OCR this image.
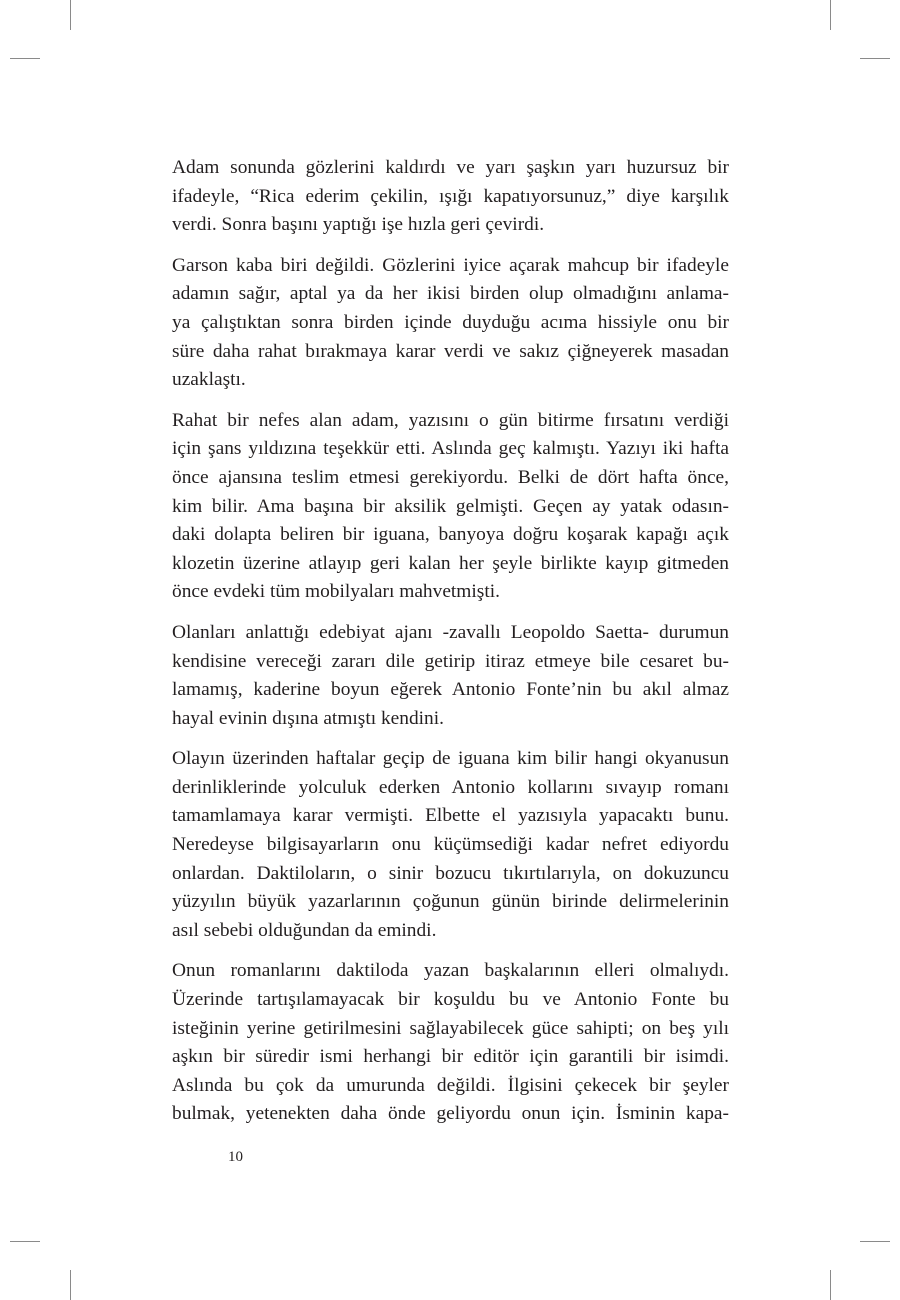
Adam sonunda gözlerini kaldırdı ve yarı şaşkın yarı huzursuz bir
ifadeyle, “Rica ederim çekilin, ışığı kapatıyorsunuz,” diye karşılık
verdi. Sonra başını yaptığı işe hızla geri çevirdi.

Garson kaba biri değildi. Gözlerini iyice açarak mahcup bir ifadeyle
adamın sağır, aptal ya da her ikisi birden olup olmadığını anlama-
ya çalıştıktan sonra birden içinde duyduğu acıma hissiyle onu bir
süre daha rahat bırakmaya karar verdi ve sakız çiğneyerek masadan
uzaklaştı.

Rahat bir nefes alan adam, yazısını o gün bitirme fırsatını verdiği
için şans yıldızına teşekkür etti. Aslında geç kalmıştı. Yazıyı iki hafta
önce ajansına teslim etmesi gerekiyordu. Belki de dört hafta önce,
kim bilir. Ama başına bir aksilik gelmişti. Geçen ay yatak odasın-
daki dolapta beliren bir iguana, banyoya doğru koşarak kapağı açık
klozetin üzerine atlayıp geri kalan her şeyle birlikte kayıp gitmeden
önce evdeki tüm mobilyaları mahvetmişti.

Olanları anlattığı edebiyat ajanı -zavallı Leopoldo Saetta- durumun
kendisine vereceği zararı dile getirip itiraz etmeye bile cesaret bu-
lamamış, kaderine boyun eğerek Antonio Fonte’nin bu akıl almaz
hayal evinin dışına atmıştı kendini.

Olayın üzerinden haftalar geçip de iguana kim bilir hangi okyanusun
derinliklerinde yolculuk ederken Antonio kollarını sıvayıp romanı
tamamlamaya karar vermişti. Elbette el yazısıyla yapacaktı bunu.
Neredeyse bilgisayarların onu küçümsediği kadar nefret ediyordu
onlardan. Daktiloların, o sinir bozucu tıkırtılarıyla, on dokuzuncu
yüzyılın büyük yazarlarının çoğunun günün birinde delirmelerinin
asıl sebebi olduğundan da emindi.

Onun romanlarını daktiloda yazan başkalarının elleri olmalıydı.
Üzerinde tartışılamayacak bir koşuldu bu ve Antonio Fonte bu
isteğinin yerine getirilmesini sağlayabilecek güce sahipti; on beş yılı
aşkın bir süredir ismi herhangi bir editör için garantili bir isimdi.
Aslında bu çok da umurunda değildi. İlgisini çekecek bir şeyler
bulmak, yetenekten daha önde geliyordu onun için. İsminin kapa-

10
